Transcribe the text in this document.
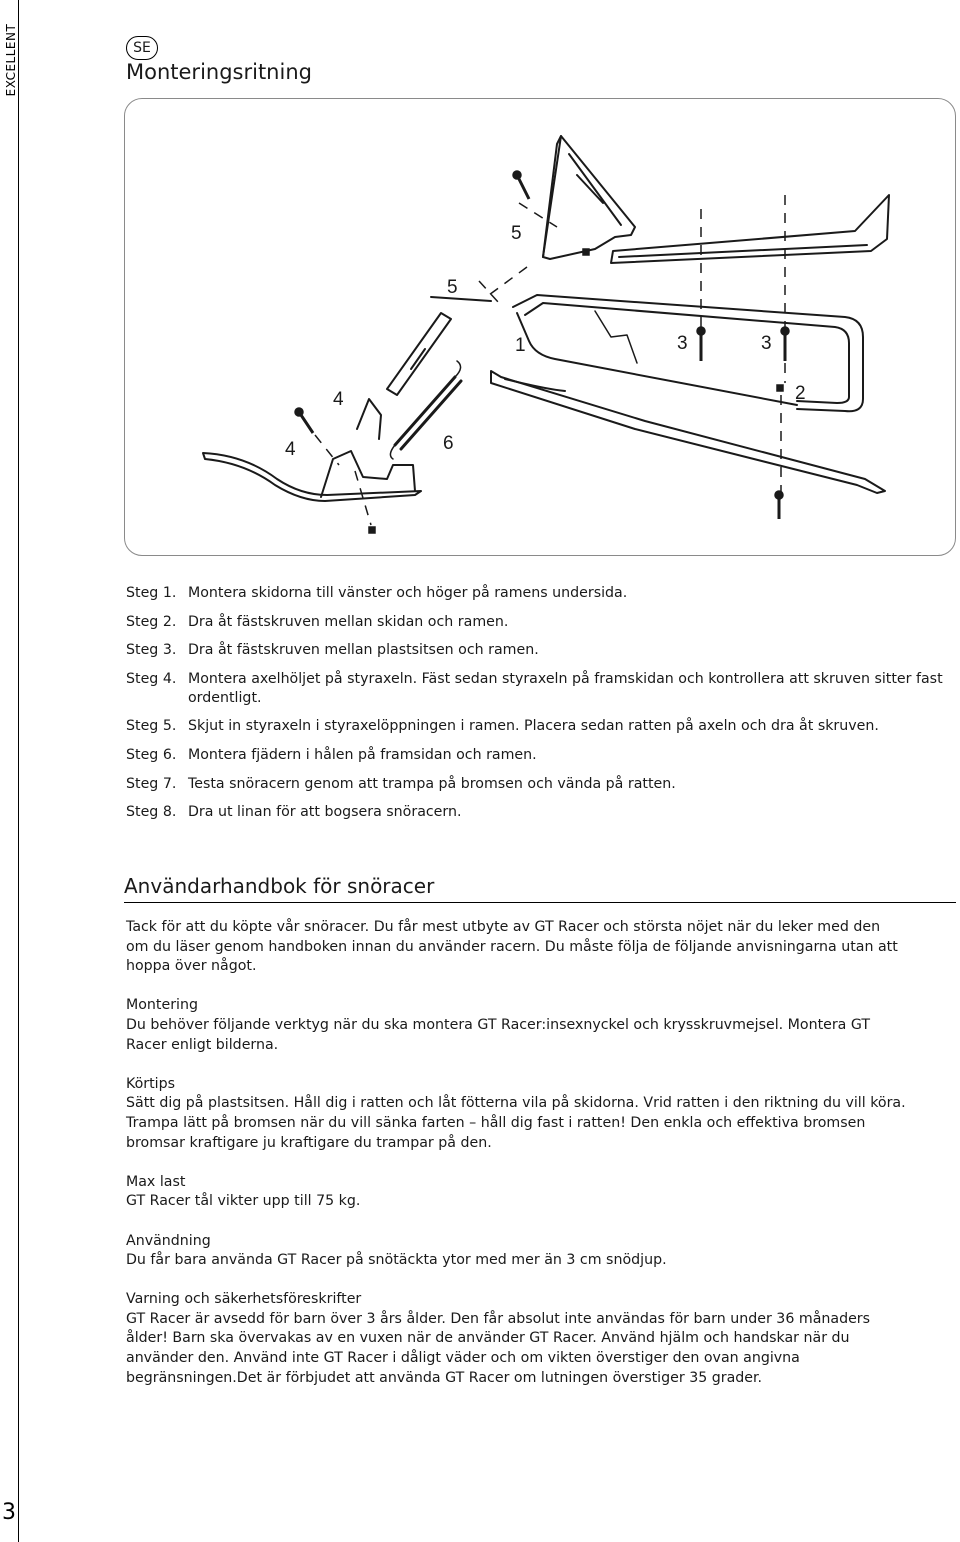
EXCELLENT
3
SE
Monteringsritning
5
5
1	3	3
4	2
4	6
Steg 1. Montera skidorna till vänster och höger på ramens undersida.
Steg 2. Dra åt fästskruven mellan skidan och ramen.
Steg 3. Dra åt fästskruven mellan plastsitsen och ramen.
Steg 4. Montera axelhöljet på styraxeln. Fäst sedan styraxeln på framskidan och kontrollera att skruven sitter fast ordentligt.
Steg 5. Skjut in styraxeln i styraxelöppningen i ramen. Placera sedan ratten på axeln och dra åt skruven.
Steg 6. Montera fjädern i hålen på framsidan och ramen.
Steg 7. Testa snöracern genom att trampa på bromsen och vända på ratten.
Steg 8. Dra ut linan för att bogsera snöracern.
Användarhandbok för snöracer

Tack för att du köpte vår snöracer. Du får mest utbyte av GT Racer och största nöjet när du leker med den om du läser genom handboken innan du använder racern. Du måste följa de följande anvisningarna utan att hoppa över något.

Montering
Du behöver följande verktyg när du ska montera GT Racer:insexnyckel och krysskruvmejsel. Montera GT Racer enligt bilderna.
Körtips
Sätt dig på plastsitsen. Håll dig i ratten och låt fötterna vila på skidorna. Vrid ratten i den riktning du vill köra. Trampa lätt på bromsen när du vill sänka farten – håll dig fast i ratten! Den enkla och effektiva bromsen bromsar kraftigare ju kraftigare du trampar på den.
Max last
GT Racer tål vikter upp till 75 kg.
Användning
Du får bara använda GT Racer på snötäckta ytor med mer än 3 cm snödjup.
Varning och säkerhetsföreskrifter
GT Racer är avsedd för barn över 3 års ålder. Den får absolut inte användas för barn under 36 månaders ålder! Barn ska övervakas av en vuxen när de använder GT Racer. Använd hjälm och handskar när du använder den. Använd inte GT Racer i dåligt väder och om vikten överstiger den ovan angivna begränsningen.Det är förbjudet att använda GT Racer om lutningen överstiger 35 grader.
